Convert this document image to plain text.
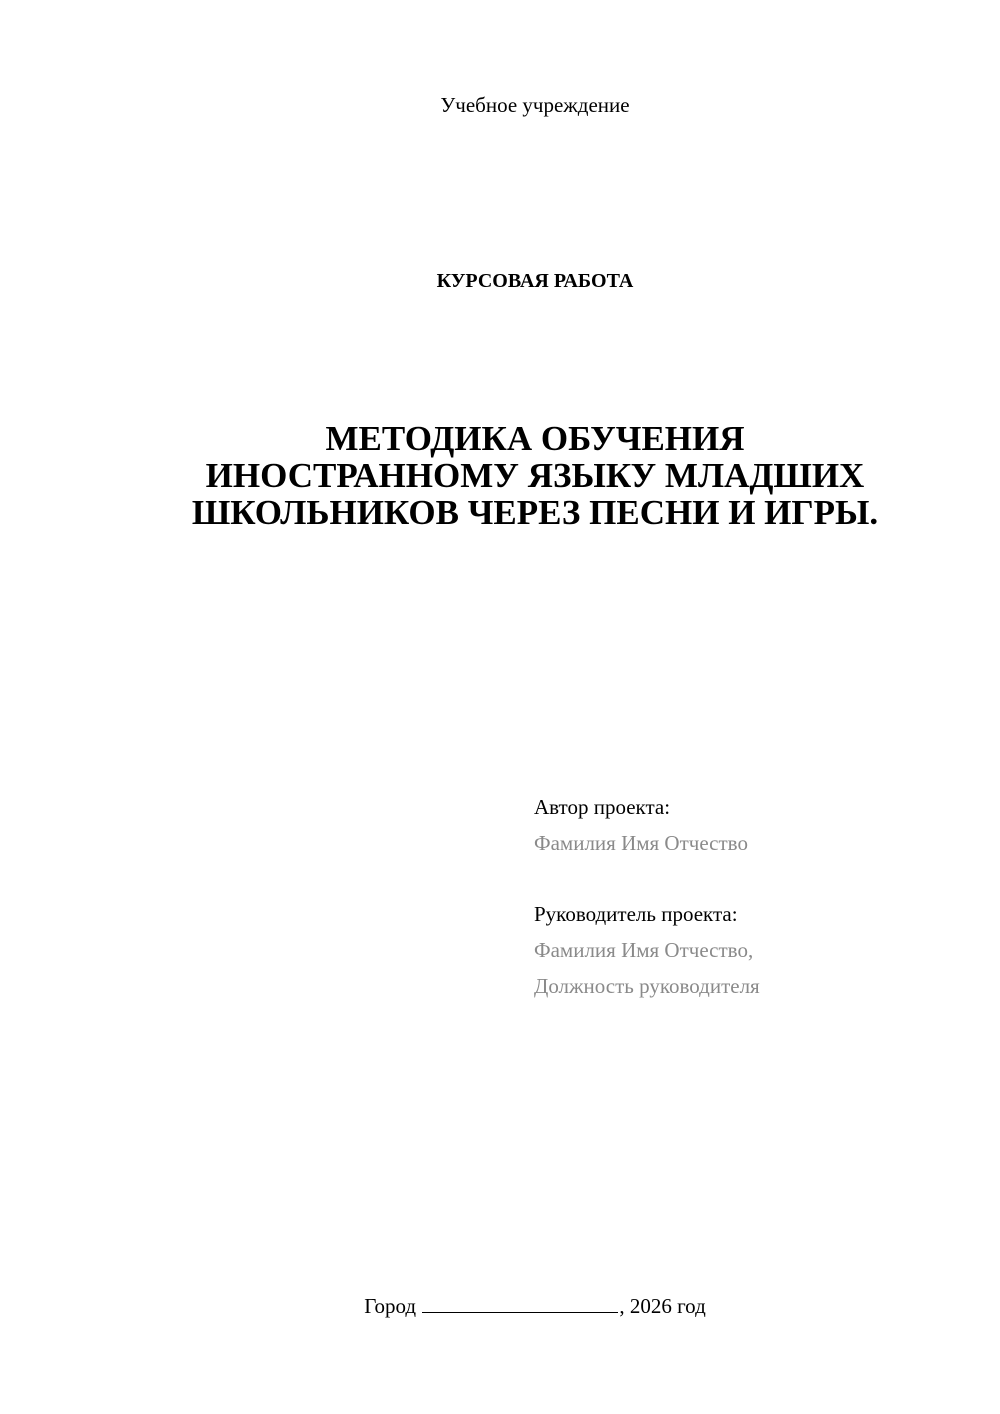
Учебное учреждение
КУРСОВАЯ РАБОТА
МЕТОДИКА ОБУЧЕНИЯ
ИНОСТРАННОМУ ЯЗЫКУ МЛАДШИХ
ШКОЛЬНИКОВ ЧЕРЕЗ ПЕСНИ И ИГРЫ.
Автор проекта:
Фамилия Имя Отчество
Руководитель проекта:
Фамилия Имя Отчество,
Должность руководителя
Город	, 2026 год
